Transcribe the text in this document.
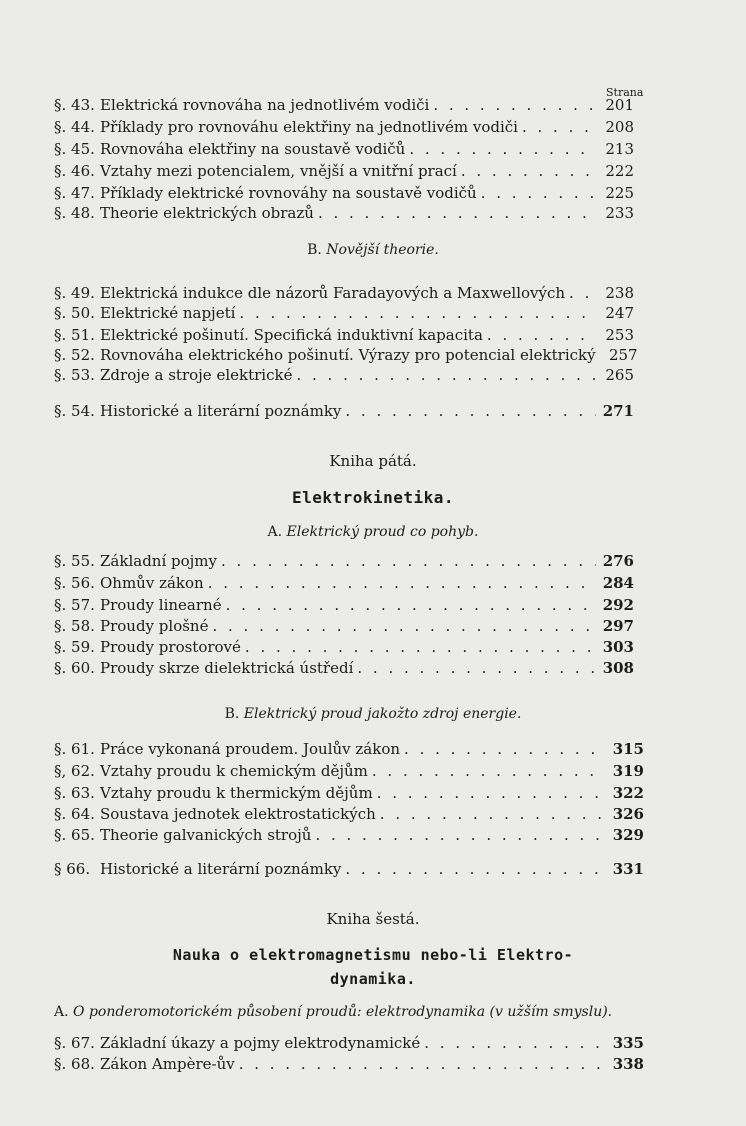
Strana
§. 43. Elektrická rovnováha na jednotlivém vodiči . . .	201
§. 44. Příklady pro rovnováhu elektřiny na jednotlivém vodiči . . .	208
§. 45. Rovnováha elektřiny na soustavě vodičů . . .	213
§. 46. Vztahy mezi potencialem, vnější a vnitřní prací . . .	222
§. 47. Příklady elektrické rovnováhy na soustavě vodičů . . .	225
§. 48. Theorie elektrických obrazů . . .	233
B. Novější theorie.
§. 49. Elektrická indukce dle názorů Faradayových a Maxwellových . . .	238
§. 50. Elektrické napjetí . . .	247
§. 51. Elektrické pošinutí. Specifická induktivní kapacita . . .	253
§. 52. Rovnováha elektrického pošinutí. Výrazy pro potencial elektrický 257
§. 53. Zdroje a stroje elektrické . . .	265
§. 54. Historické a literární poznámky . . .	271
Kniha pátá.
Elektrokinetika.
A. Elektrický proud co pohyb.
§. 55. Základní pojmy . . .	276
§. 56. Ohmův zákon . . .	284
§. 57. Proudy linearné . . .	292
§. 58. Proudy plošné . . .	297
§. 59. Proudy prostorové . . .	303
§. 60. Proudy skrze dielektrická ústředí . . .	308
B. Elektrický proud jakožto zdroj energie.
§. 61. Práce vykonaná proudem. Joulův zákon . . .	315
§, 62. Vztahy proudu k chemickým dějům . . .	319
§. 63. Vztahy proudu k thermickým dějům . . .	322
§. 64. Soustava jednotek elektrostatických . . .	326
§. 65. Theorie galvanických strojů . . .	329
§ 66. Historické a literární poznámky . . .	331
Kniha šestá.
Nauka o elektromagnetismu nebo-li Elektro-
dynamika.
A. O ponderomotorickém působení proudů: elektrodynamika (v užším smyslu).
§. 67. Základní úkazy a pojmy elektrodynamické . . .	335
§. 68. Zákon Ampère-ův . . .	338
